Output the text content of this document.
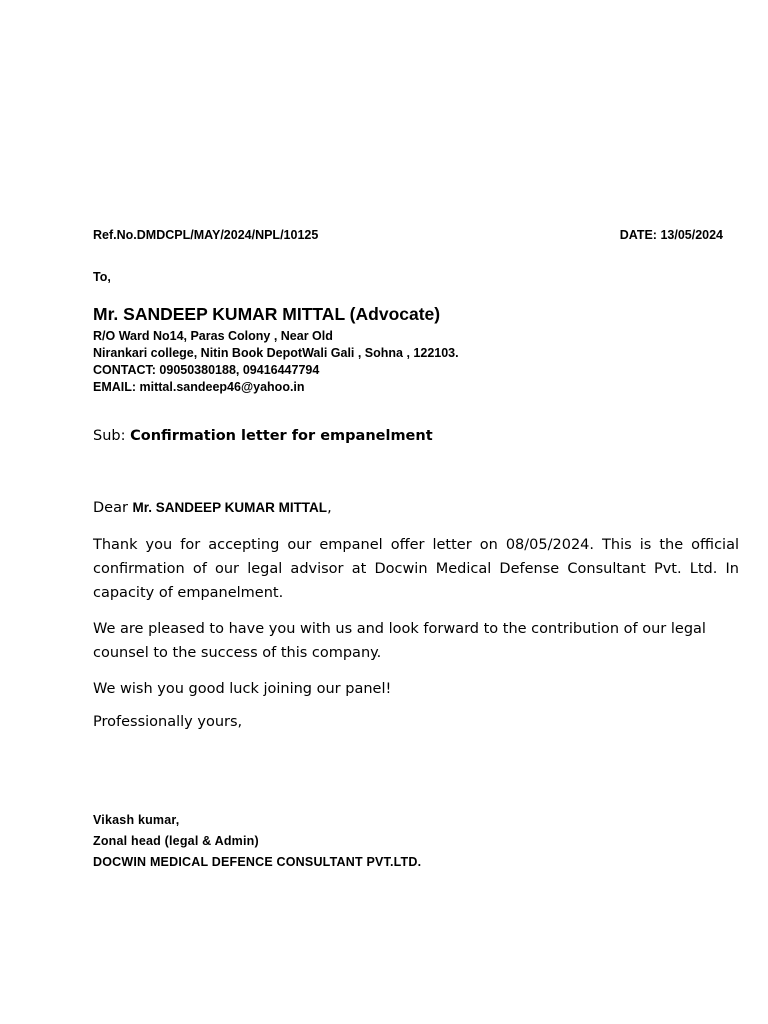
Ref.No.DMDCPL/MAY/2024/NPL/10125	DATE: 13/05/2024
To,
Mr. SANDEEP KUMAR MITTAL (Advocate)
R/O Ward No14, Paras Colony , Near Old
Nirankari college, Nitin Book DepotWali Gali , Sohna , 122103.
CONTACT: 09050380188, 09416447794
EMAIL: mittal.sandeep46@yahoo.in
Sub: Confirmation letter for empanelment
Dear Mr. SANDEEP KUMAR MITTAL,
Thank you for accepting our empanel offer letter on 08/05/2024. This is the official confirmation of our legal advisor at Docwin Medical Defense Consultant Pvt. Ltd. In capacity of empanelment.
We are pleased to have you with us and look forward to the contribution of our legal counsel to the success of this company.
We wish you good luck joining our panel!
Professionally yours,
Vikash kumar,
Zonal head (legal & Admin)
DOCWIN MEDICAL DEFENCE CONSULTANT PVT.LTD.
